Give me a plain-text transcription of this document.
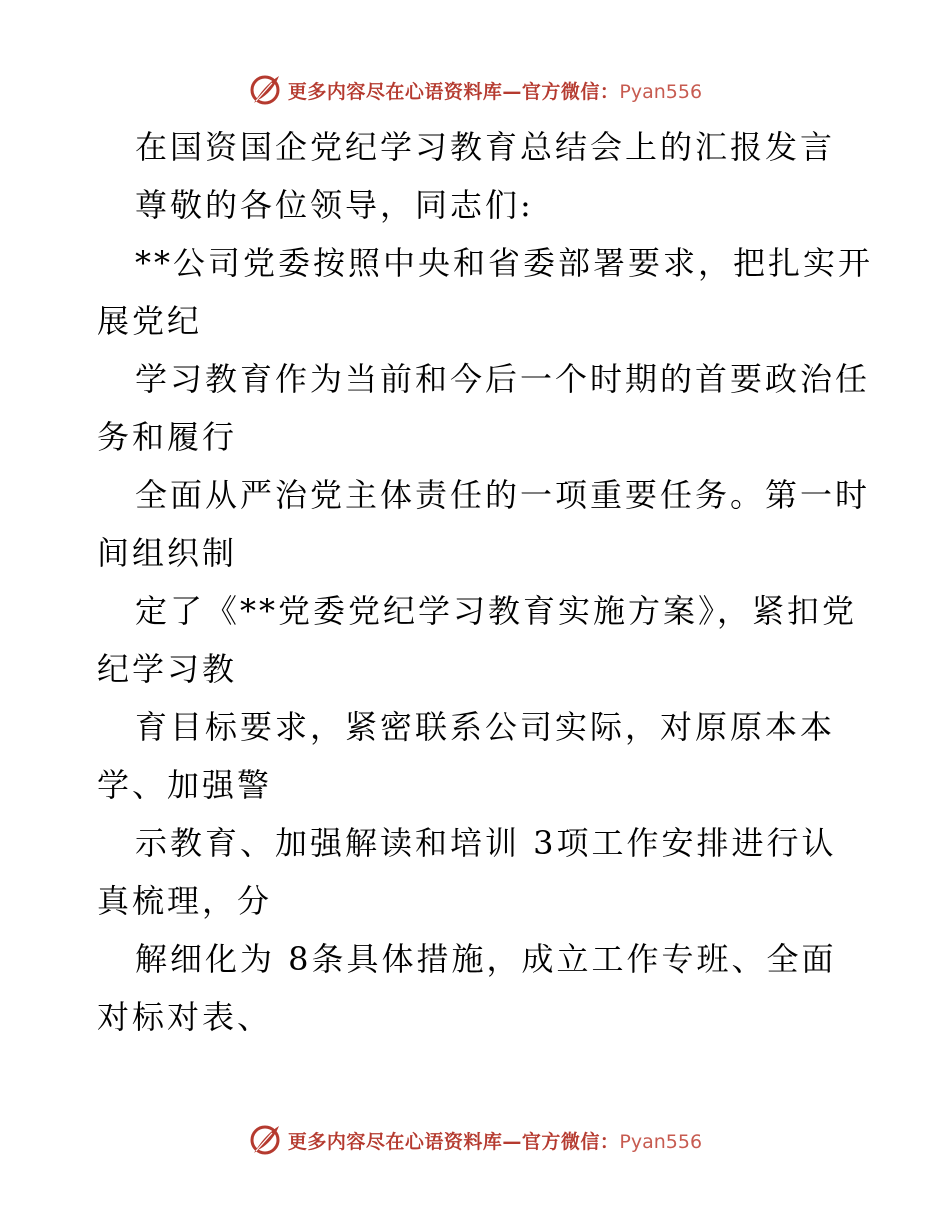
更多内容尽在心语资料库—官方微信：Pyan556
在国资国企党纪学习教育总结会上的汇报发言
尊敬的各位领导，同志们:
**公司党委按照中央和省委部署要求，把扎实开
展党纪
学习教育作为当前和今后一个时期的首要政治任
务和履行
全面从严治党主体责任的一项重要任务。第一时
间组织制
定了《**党委党纪学习教育实施方案》，紧扣党
纪学习教
育目标要求，紧密联系公司实际，对原原本本
学、加强警
示教育、加强解读和培训 3项工作安排进行认
真梳理，分
解细化为 8条具体措施，成立工作专班、全面
对标对表、
更多内容尽在心语资料库—官方微信：Pyan556
